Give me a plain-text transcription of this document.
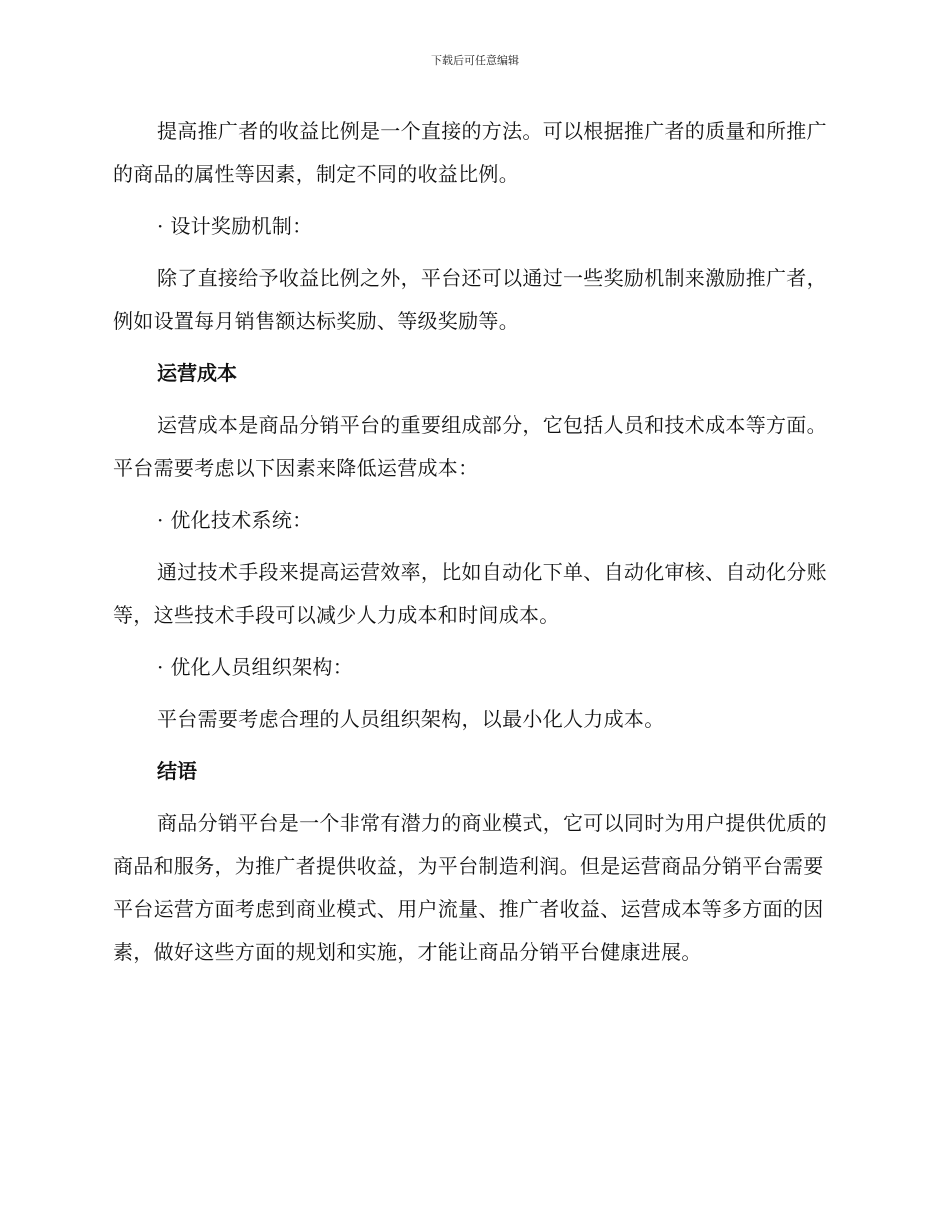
下载后可任意编辑

提高推广者的收益比例是一个直接的方法。可以根据推广者的质量和所推广的商品的属性等因素，制定不同的收益比例。

· 设计奖励机制：

除了直接给予收益比例之外，平台还可以通过一些奖励机制来激励推广者，例如设置每月销售额达标奖励、等级奖励等。

运营成本

运营成本是商品分销平台的重要组成部分，它包括人员和技术成本等方面。平台需要考虑以下因素来降低运营成本：

· 优化技术系统：

通过技术手段来提高运营效率，比如自动化下单、自动化审核、自动化分账等，这些技术手段可以减少人力成本和时间成本。

· 优化人员组织架构：

平台需要考虑合理的人员组织架构，以最小化人力成本。

结语

商品分销平台是一个非常有潜力的商业模式，它可以同时为用户提供优质的商品和服务，为推广者提供收益，为平台制造利润。但是运营商品分销平台需要平台运营方面考虑到商业模式、用户流量、推广者收益、运营成本等多方面的因素，做好这些方面的规划和实施，才能让商品分销平台健康进展。
